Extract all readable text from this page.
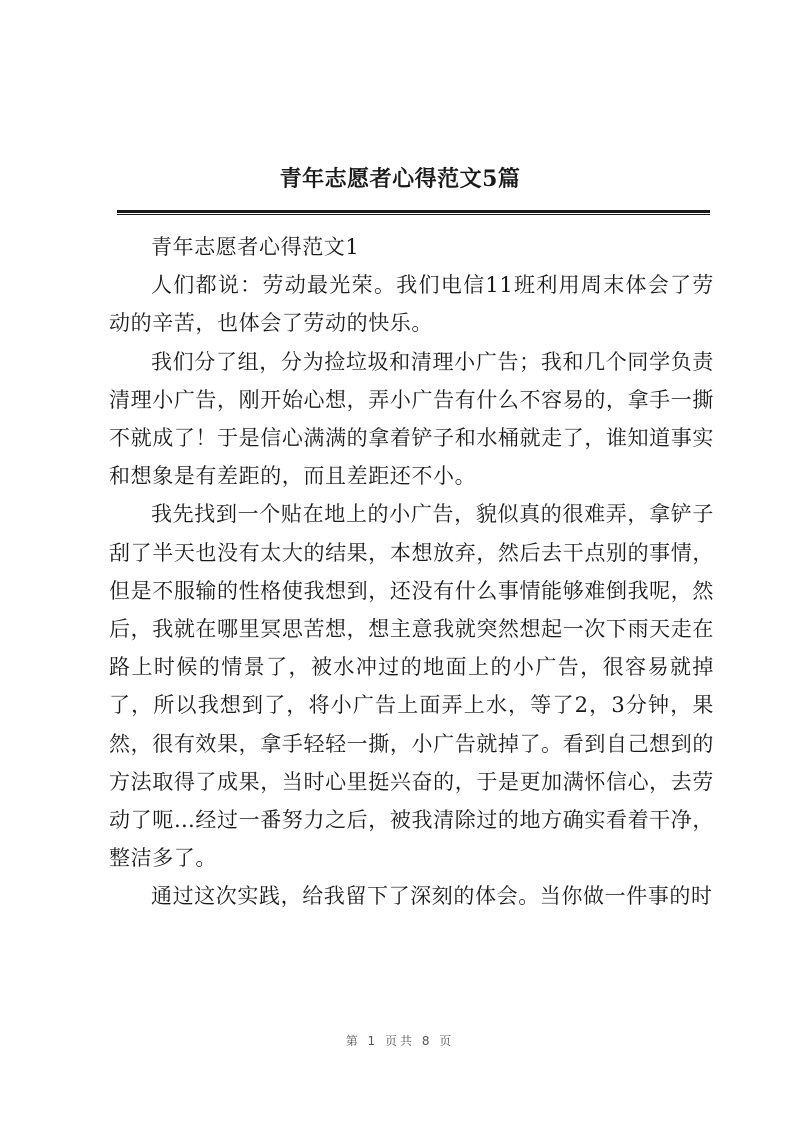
青年志愿者心得范文5篇

青年志愿者心得范文1

人们都说：劳动最光荣。我们电信11班利用周末体会了劳动的辛苦，也体会了劳动的快乐。

我们分了组，分为捡垃圾和清理小广告；我和几个同学负责清理小广告，刚开始心想，弄小广告有什么不容易的，拿手一撕不就成了！于是信心满满的拿着铲子和水桶就走了，谁知道事实和想象是有差距的，而且差距还不小。

我先找到一个贴在地上的小广告，貌似真的很难弄，拿铲子刮了半天也没有太大的结果，本想放弃，然后去干点别的事情，但是不服输的性格使我想到，还没有什么事情能够难倒我呢，然后，我就在哪里冥思苦想，想主意我就突然想起一次下雨天走在路上时候的情景了，被水冲过的地面上的小广告，很容易就掉了，所以我想到了，将小广告上面弄上水，等了2，3分钟，果然，很有效果，拿手轻轻一撕，小广告就掉了。看到自己想到的方法取得了成果，当时心里挺兴奋的，于是更加满怀信心，去劳动了呃…经过一番努力之后，被我清除过的地方确实看着干净，整洁多了。

通过这次实践，给我留下了深刻的体会。当你做一件事的时

第 1 页共 8 页
